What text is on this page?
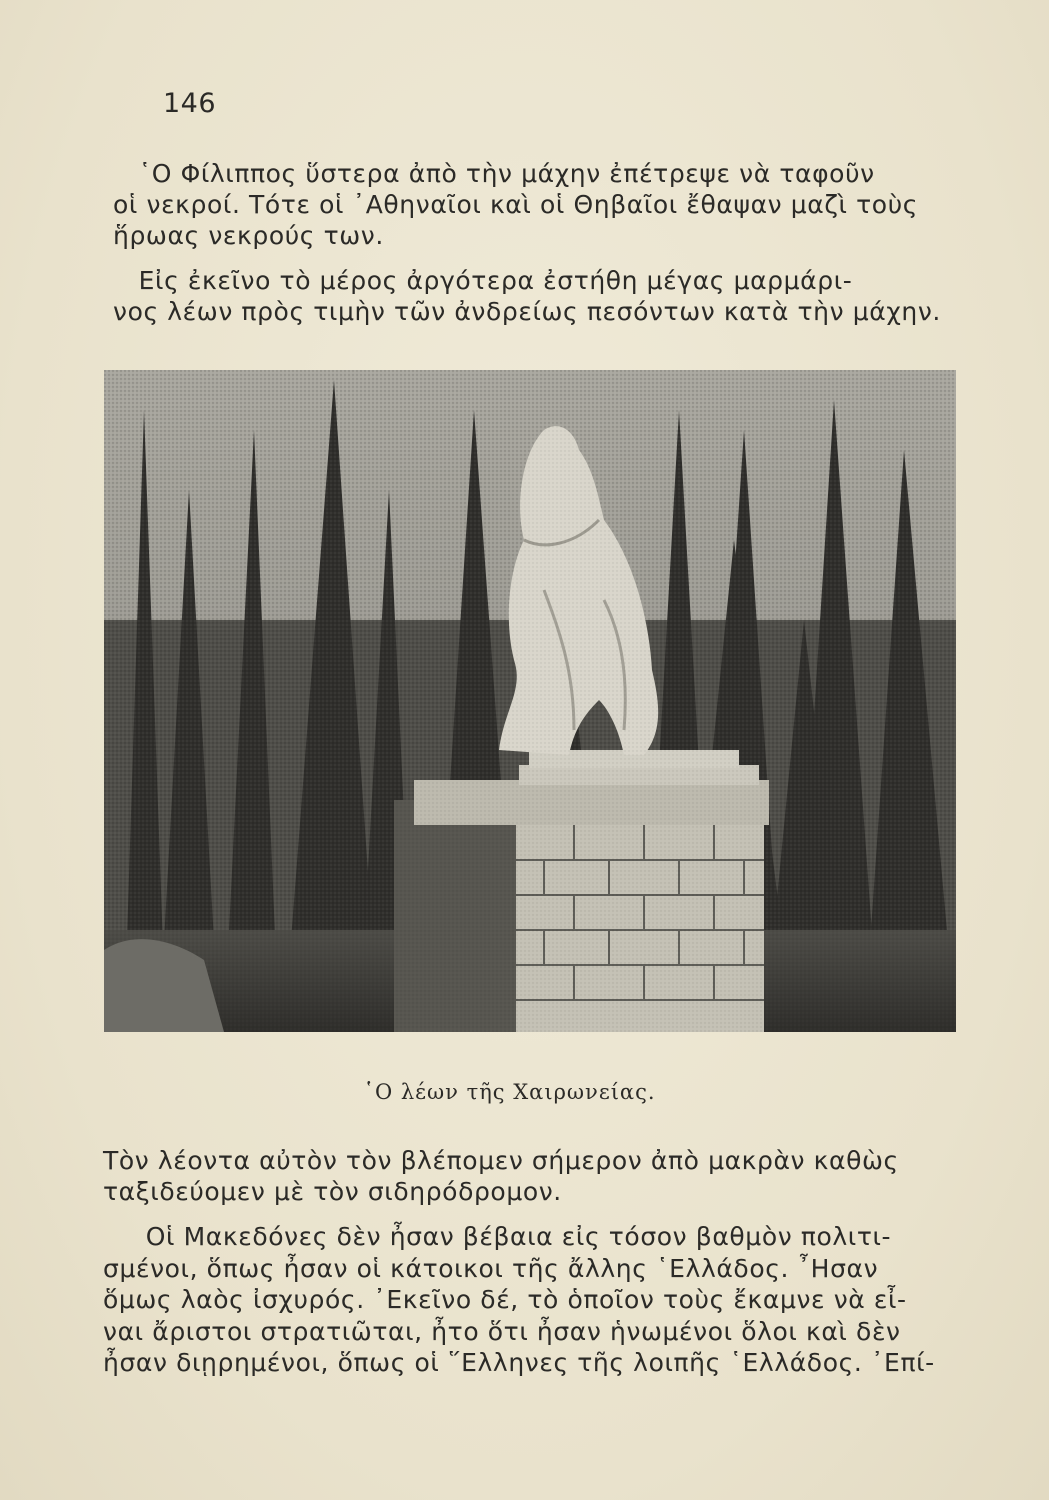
146
῾Ο Φίλιππος ὕστερα ἀπὸ τὴν μάχην ἐπέτρεψε νὰ ταφοῦν
οἱ νεκροί. Τότε οἱ ᾿Αθηναῖοι καὶ οἱ Θηβαῖοι ἔθαψαν μαζὶ τοὺς
ἥρωας νεκρούς των.
Εἰς ἐκεῖνο τὸ μέρος ἀργότερα ἐστήθη μέγας μαρμάρι-
νος λέων πρὸς τιμὴν τῶν ἀνδρείως πεσόντων κατὰ τὴν μάχην.
῾Ο λέων τῆς Χαιρωνείας.
Τὸν λέοντα αὐτὸν τὸν βλέπομεν σήμερον ἀπὸ μακρὰν καθὼς
ταξιδεύομεν μὲ τὸν σιδηρόδρομον.
Οἱ Μακεδόνες δὲν ἦσαν βέβαια εἰς τόσον βαθμὸν πολιτι-
σμένοι, ὅπως ἦσαν οἱ κάτοικοι τῆς ἄλλης ῾Ελλάδος. ῏Ησαν
ὅμως λαὸς ἰσχυρός. ᾿Εκεῖνο δέ, τὸ ὁποῖον τοὺς ἔκαμνε νὰ εἶ-
ναι ἄριστοι στρατιῶται, ἦτο ὅτι ἦσαν ἡνωμένοι ὅλοι καὶ δὲν
ἦσαν διῃρημένοι, ὅπως οἱ ῞Ελληνες τῆς λοιπῆς ῾Ελλάδος. ᾿Επί-
